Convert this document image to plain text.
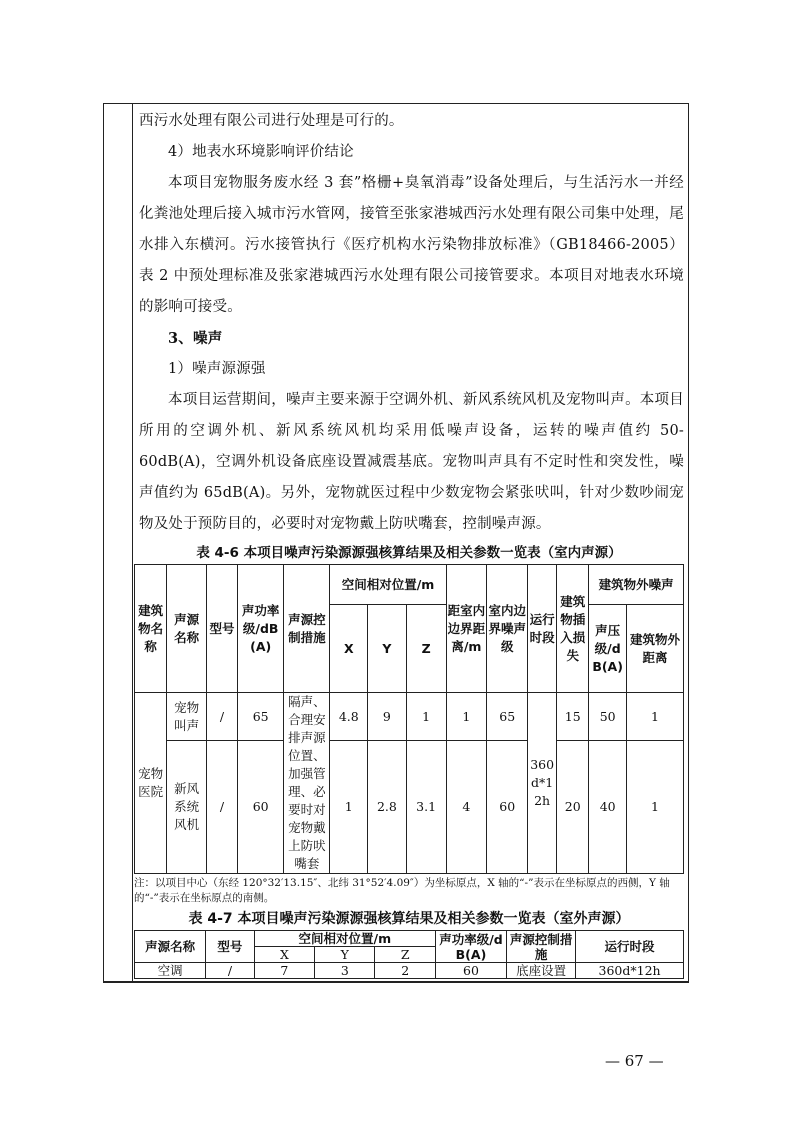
西污水处理有限公司进行处理是可行的。

4）地表水环境影响评价结论

本项目宠物服务废水经 3 套”格栅+臭氧消毒”设备处理后，与生活污水一并经化粪池处理后接入城市污水管网，接管至张家港城西污水处理有限公司集中处理，尾水排入东横河。污水接管执行《医疗机构水污染物排放标准》（GB18466-2005）表 2 中预处理标准及张家港城西污水处理有限公司接管要求。本项目对地表水环境的影响可接受。

3、噪声

1）噪声源源强

本项目运营期间，噪声主要来源于空调外机、新风系统风机及宠物叫声。本项目所用的空调外机、新风系统风机均采用低噪声设备，运转的噪声值约 50-60dB(A)，空调外机设备底座设置减震基底。宠物叫声具有不定时性和突发性，噪声值约为 65dB(A)。另外，宠物就医过程中少数宠物会紧张吠叫，针对少数吵闹宠物及处于预防目的，必要时对宠物戴上防吠嘴套，控制噪声源。

表 4-6 本项目噪声污染源源强核算结果及相关参数一览表（室内声源）

建筑物名称	声源名称	型号	声功率级/dB(A)	声源控制措施	空间相对位置/m			距室内边界距离/m	室内边界噪声级	运行时段	建筑物插入损失	建筑物外噪声	
					X	Y	Z					声压级/dB(A)	建筑物外距离
宠物医院	宠物叫声	/	65	隔声、合理安排声源位置、加强管理、必要时对宠物戴上防吠嘴套	4.8	9	1	1	65	360d*12h	15	50	1
	新风系统风机	/	60		1	2.8	3.1	4	60		20	40	1
注：以项目中心（东经 120°32′13.15″、北纬 31°52′4.09″）为坐标原点，X 轴的“-”表示在坐标原点的西侧，Y 轴的“-”表示在坐标原点的南侧。

表 4-7 本项目噪声污染源源强核算结果及相关参数一览表（室外声源）

声源名称	型号	空间相对位置/m			声功率级/dB(A)	声源控制措施	运行时段
		X	Y	Z			
空调	/	7	3	2	60	底座设置	360d*12h
— 67 —
